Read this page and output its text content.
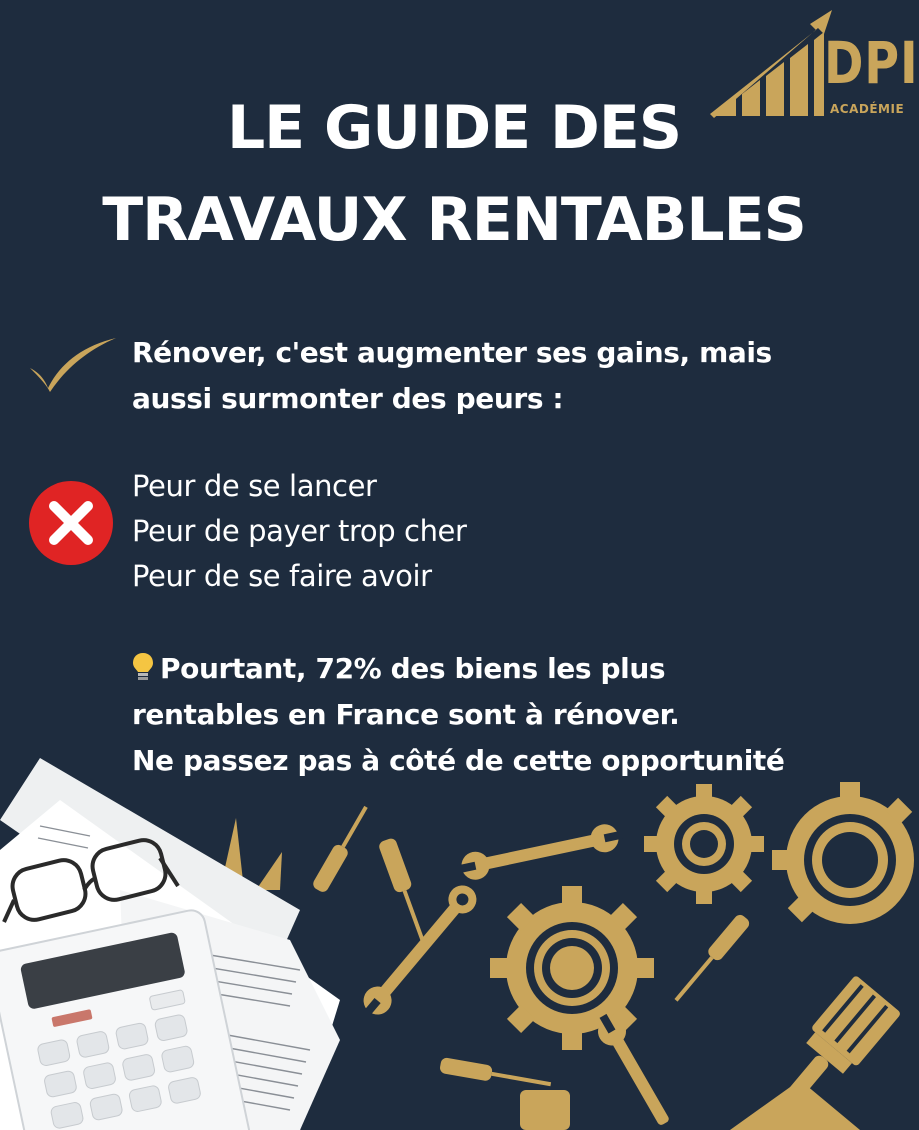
DPI
ACADÉMIE
LE GUIDE DES
TRAVAUX RENTABLES
Rénover, c'est augmenter ses gains, mais
aussi surmonter des peurs :
Peur de se lancer
Peur de payer trop cher
Peur de se faire avoir
Pourtant, 72% des biens les plus
rentables en France sont à rénover.
Ne passez pas à côté de cette opportunité
